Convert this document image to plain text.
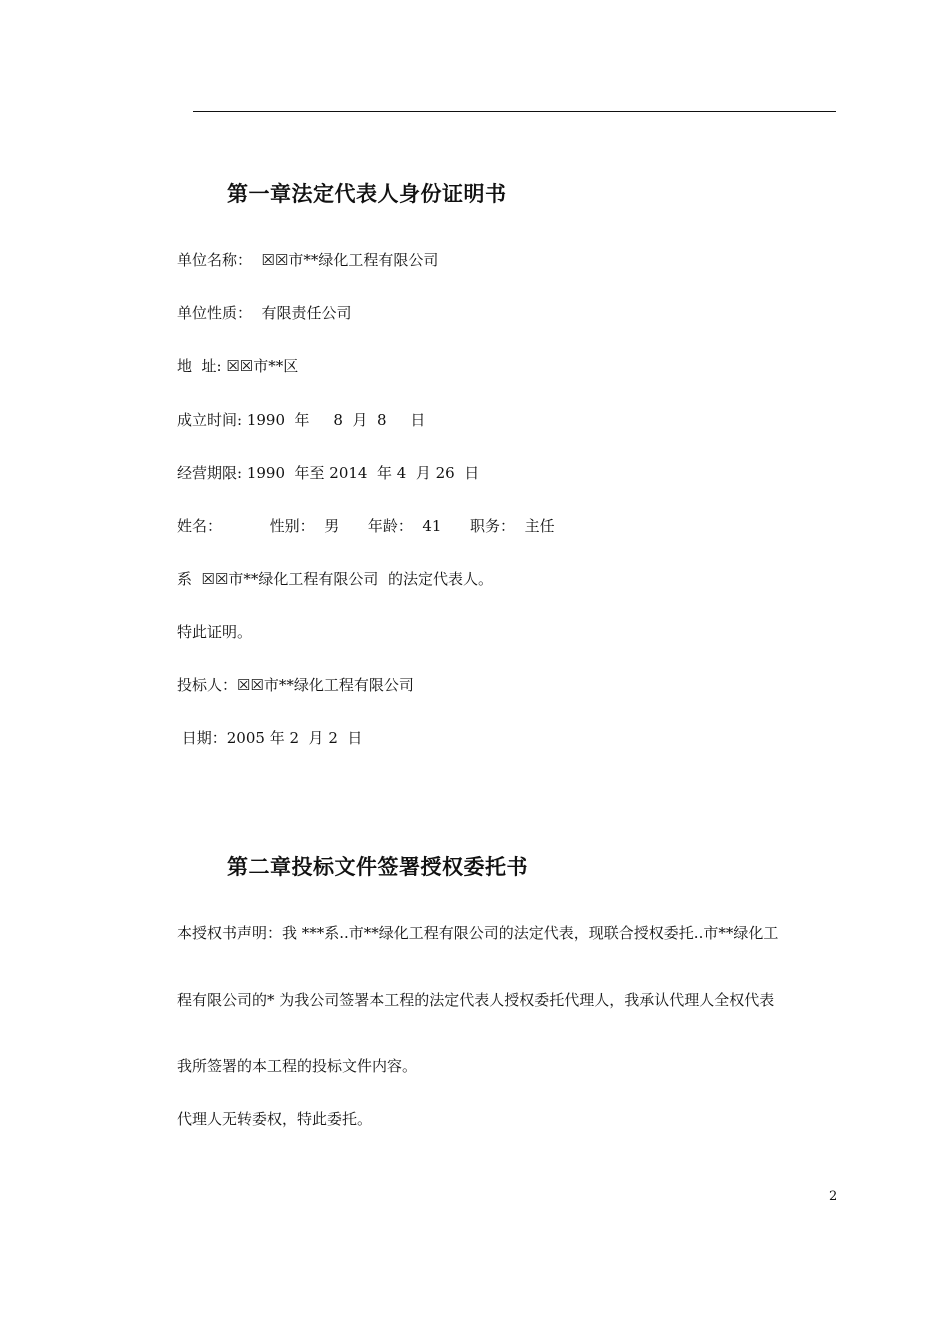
第一章法定代表人身份证明书
单位名称：  ☒☒市**绿化工程有限公司
单位性质：  有限责任公司
地  址: ☒☒市**区
成立时间: 1990  年     8  月  8     日
经营期限: 1990  年至 2014  年 4  月 26  日
姓名：          性别：  男      年龄：  41      职务：  主任
系  ☒☒市**绿化工程有限公司  的法定代表人。
特此证明。
投标人：☒☒市**绿化工程有限公司
日期：2005 年 2  月 2  日
第二章投标文件签署授权委托书
本授权书声明：我 ***系..市**绿化工程有限公司的法定代表，现联合授权委托..市**绿化工
程有限公司的* 为我公司签署本工程的法定代表人授权委托代理人，我承认代理人全权代表
我所签署的本工程的投标文件内容。
代理人无转委权，特此委托。
2
